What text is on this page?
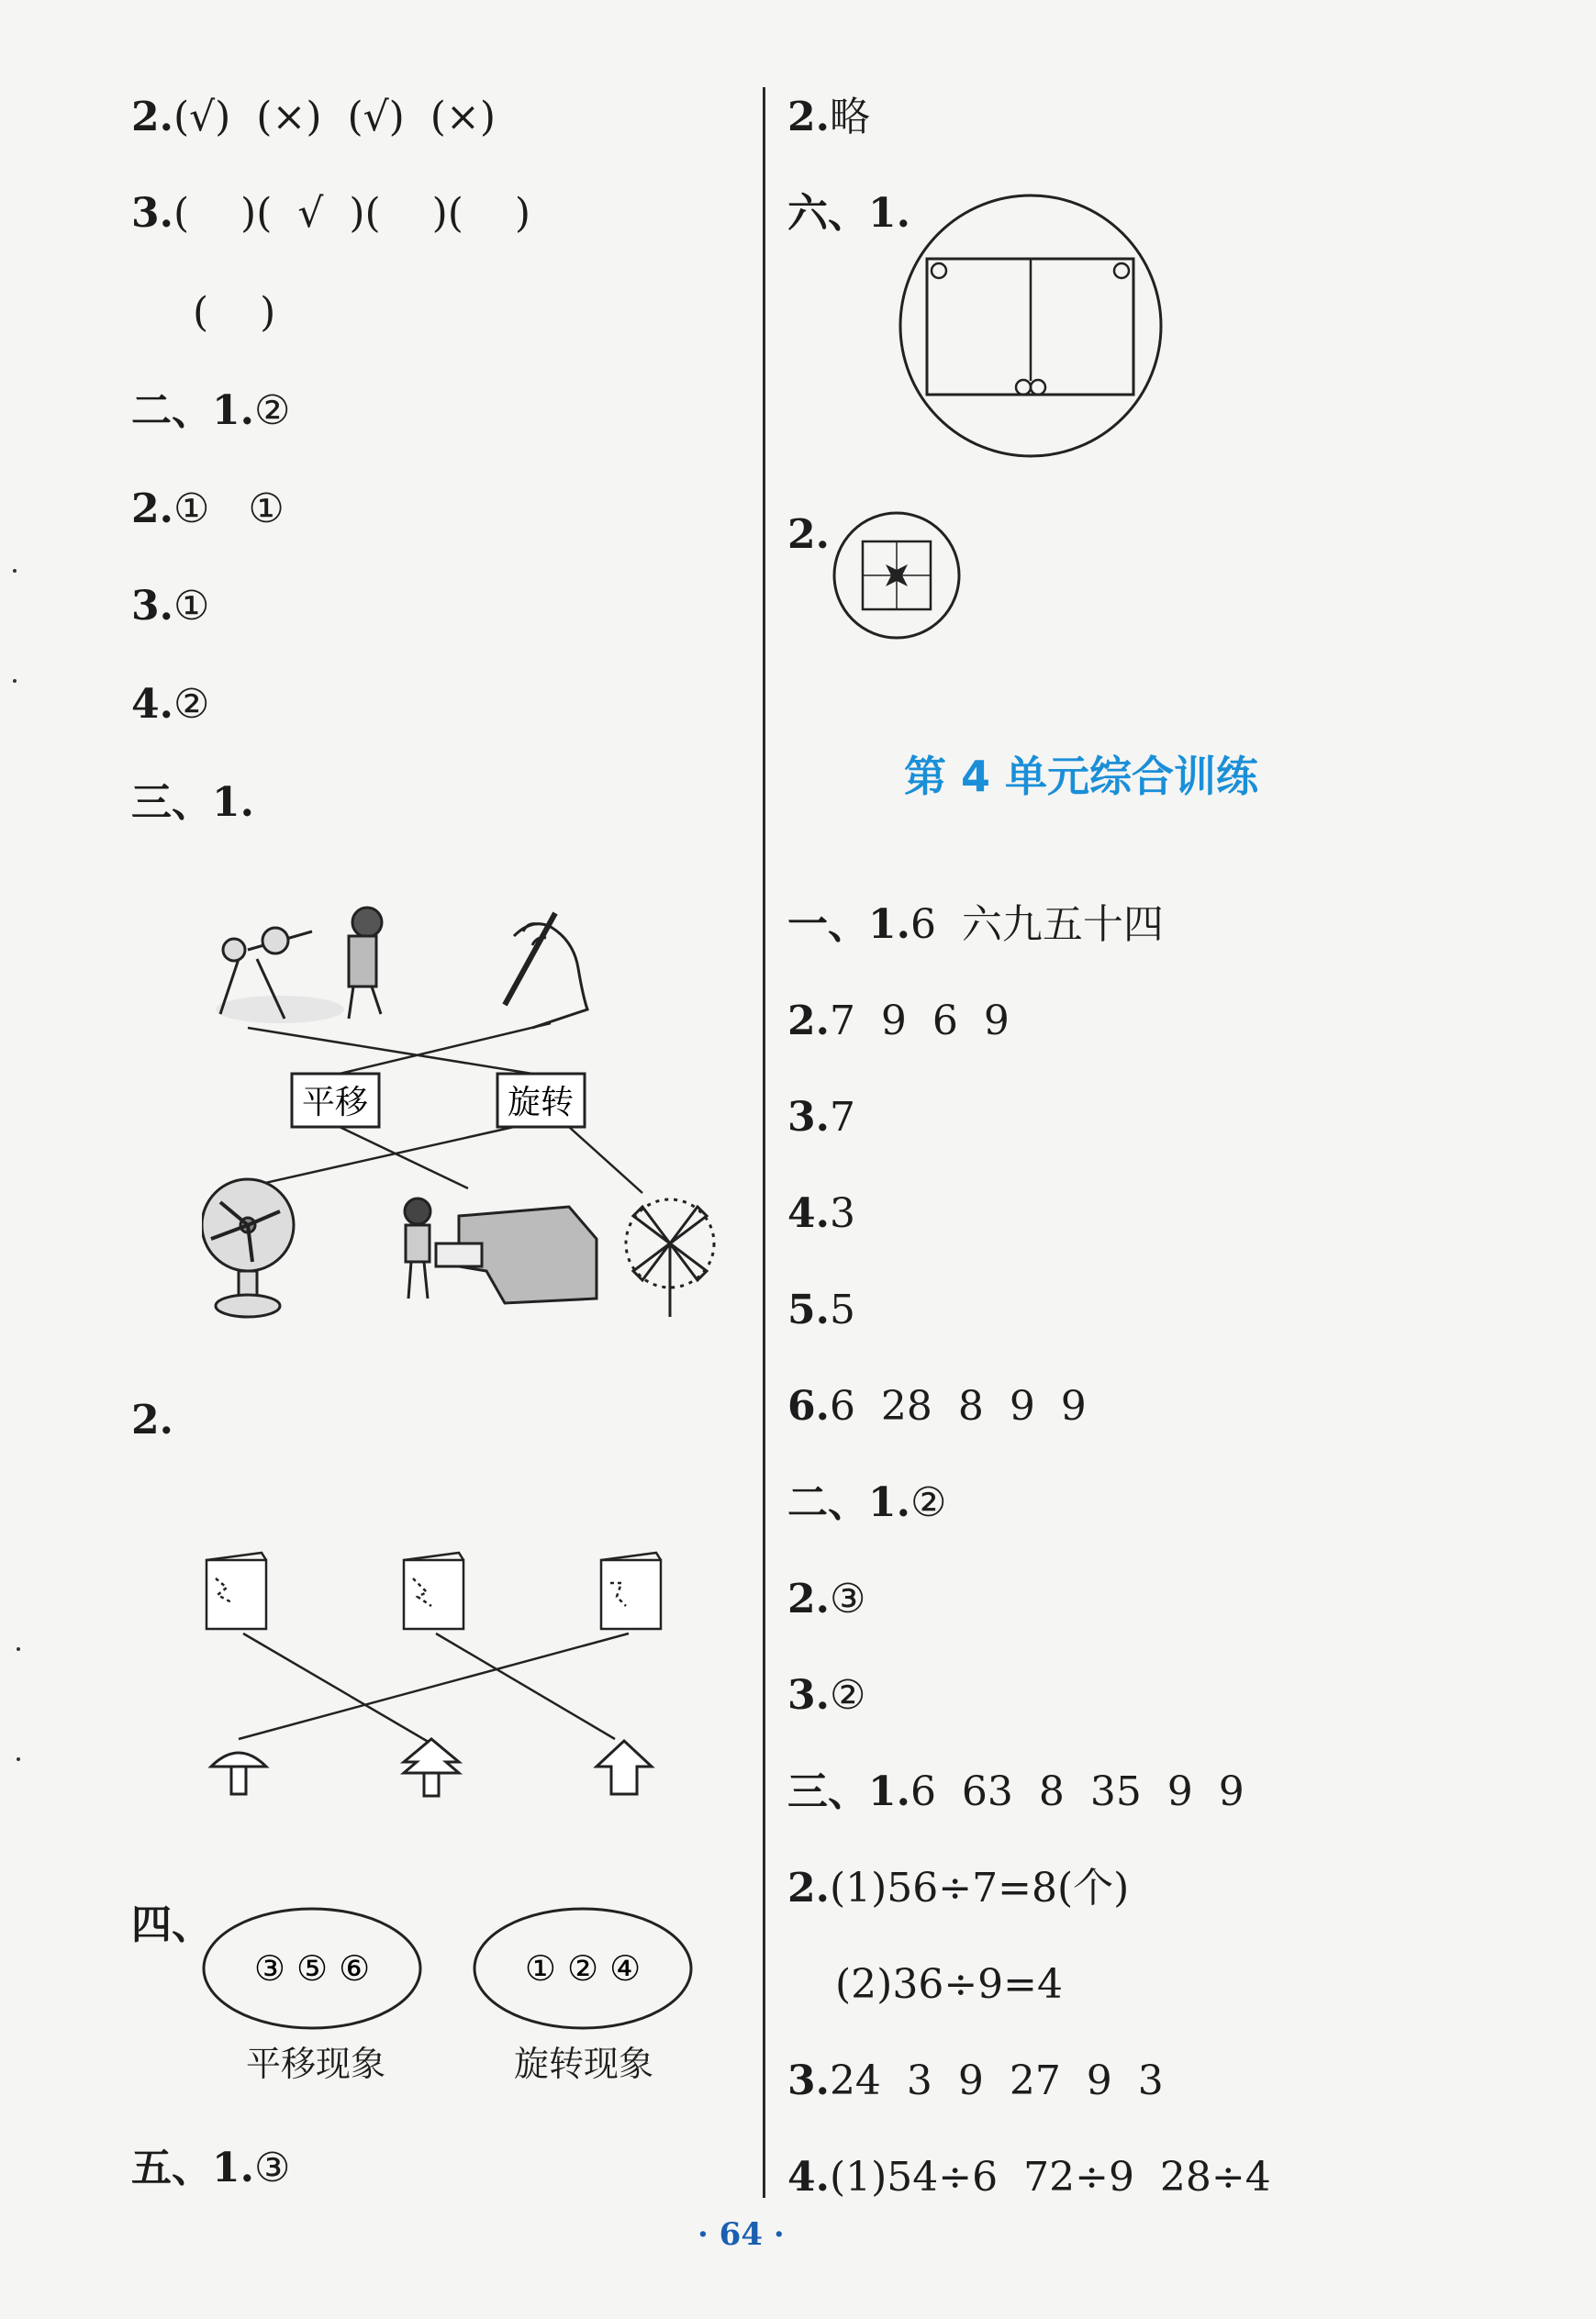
2.(√)  (×)  (√)  (×)
3.(    )(  √  )(    )(    )
(    )
二、1.②
2.①   ①
3.①
4.②
三、1.
平移	旋转
2.
四、
③ ⑤ ⑥	① ② ④
平移现象	旋转现象
五、1.③
2.略
六、1.
2.
第 4 单元综合训练
一、1.6  六九五十四
2.7  9  6  9
3.7
4.3
5.5
6.6  28  8  9  9
二、1.②
2.③
3.②
三、1.6  63  8  35  9  9
2.(1)56÷7=8(个)
(2)36÷9=4
3.24  3  9  27  9  3
4.(1)54÷6  72÷9  28÷4
· 64 ·
